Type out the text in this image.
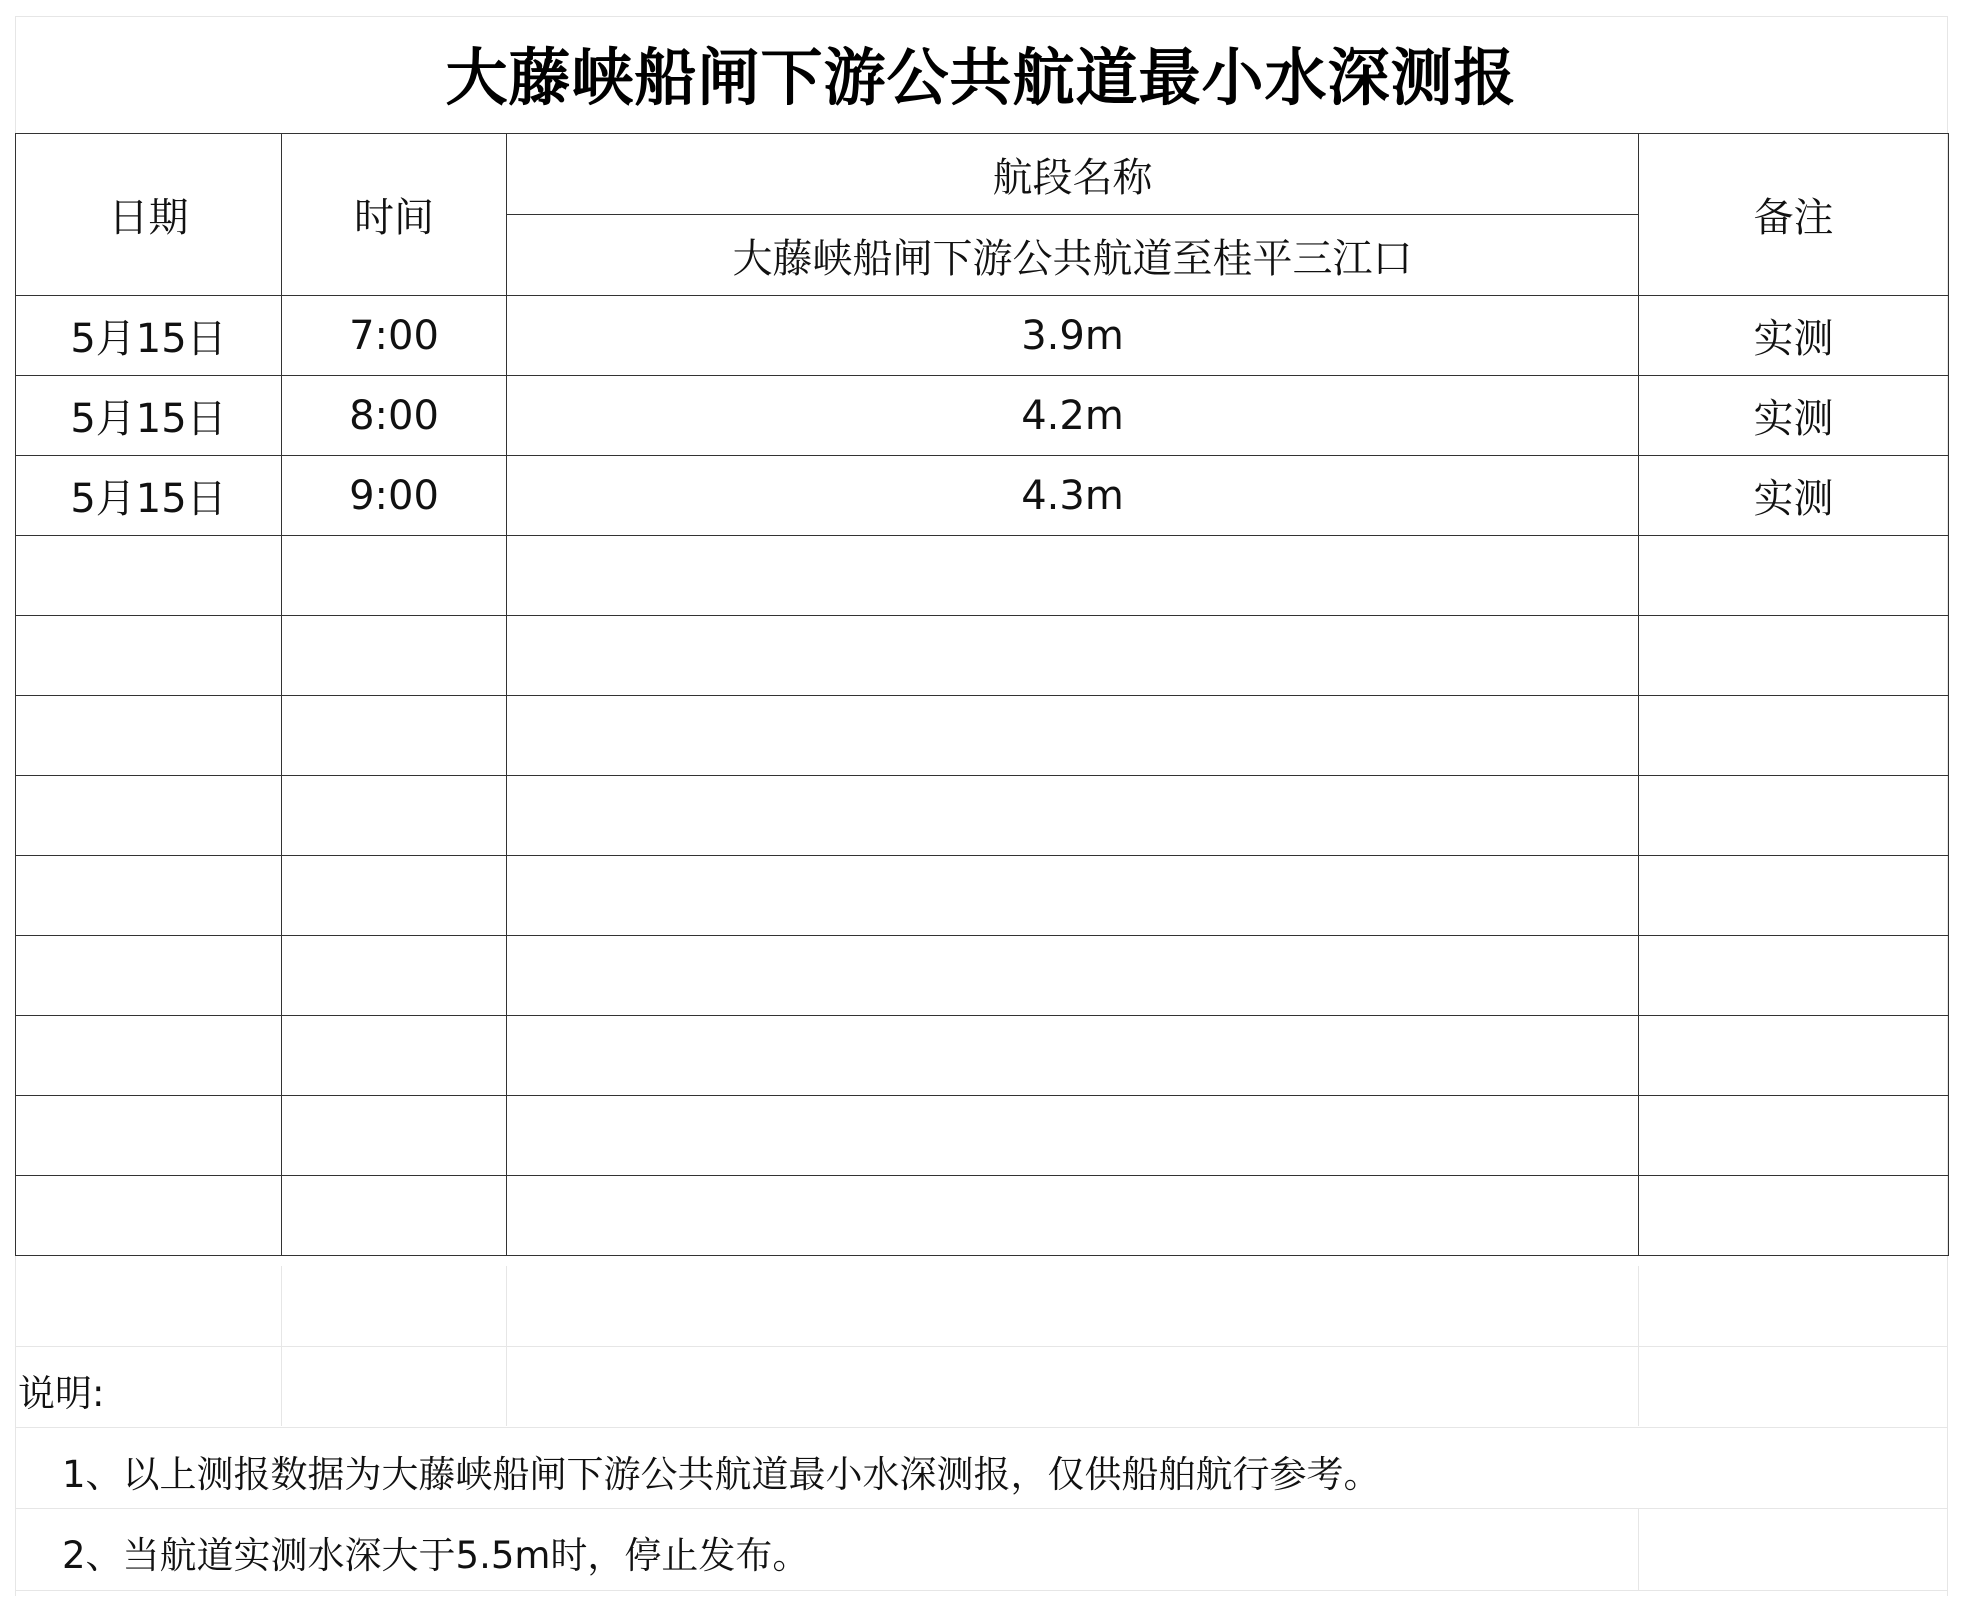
大藤峡船闸下游公共航道最小水深测报
日期	时间	航段名称	备注
		大藤峡船闸下游公共航道至桂平三江口	
5月15日	7:00	3.9m	实测
5月15日	8:00	4.2m	实测
5月15日	9:00	4.3m	实测

说明:
1、以上测报数据为大藤峡船闸下游公共航道最小水深测报，仅供船舶航行参考。
2、当航道实测水深大于5.5m时，停止发布。
